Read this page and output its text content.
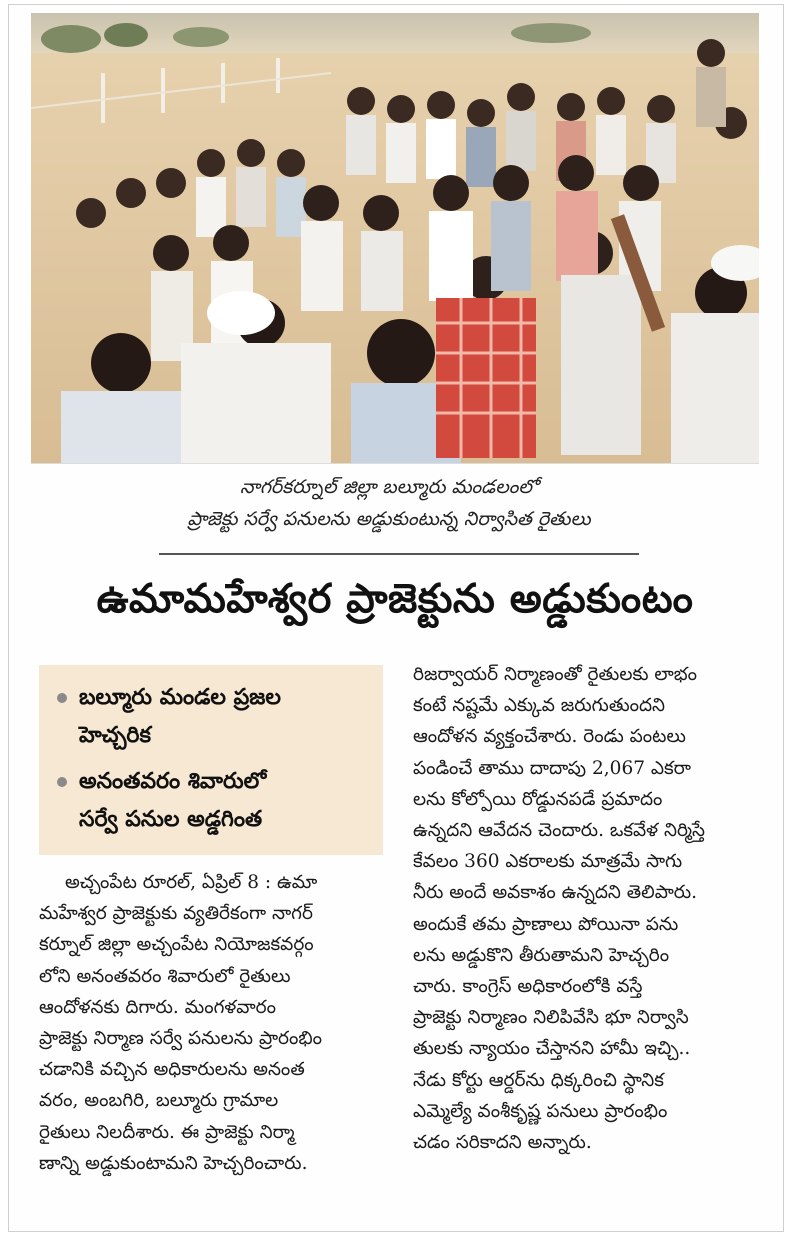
నాగర్‌కర్నూల్ జిల్లా బల్మూరు మండలంలో
ప్రాజెక్టు సర్వే పనులను అడ్డుకుంటున్న నిర్వాసిత రైతులు
ఉమామహేశ్వర ప్రాజెక్టును అడ్డుకుంటం
బల్మూరు మండల ప్రజల
హెచ్చరిక
అనంతవరం శివారులో
సర్వే పనుల అడ్డగింత
అచ్చంపేట రూరల్, ఏప్రిల్ 8 : ఉమా
మహేశ్వర ప్రాజెక్టుకు వ్యతిరేకంగా నాగర్
కర్నూల్ జిల్లా అచ్చంపేట నియోజకవర్గం
లోని అనంతవరం శివారులో రైతులు
ఆందోళనకు దిగారు. మంగళవారం
ప్రాజెక్టు నిర్మాణ సర్వే పనులను ప్రారంభిం
చడానికి వచ్చిన అధికారులను అనంత
వరం, అంబగిరి, బల్మూరు గ్రామాల
రైతులు నిలదీశారు. ఈ ప్రాజెక్టు నిర్మా
ణాన్ని అడ్డుకుంటామని హెచ్చరించారు.
రిజర్వాయర్ నిర్మాణంతో రైతులకు లాభం
కంటే నష్టమే ఎక్కువ జరుగుతుందని
ఆందోళన వ్యక్తంచేశారు. రెండు పంటలు
పండించే తాము దాదాపు 2,067 ఎకరా
లను కోల్పోయి రోడ్డునపడే ప్రమాదం
ఉన్నదని ఆవేదన చెందారు. ఒకవేళ నిర్మిస్తే
కేవలం 360 ఎకరాలకు మాత్రమే సాగు
నీరు అందే అవకాశం ఉన్నదని తెలిపారు.
అందుకే తమ ప్రాణాలు పోయినా పను
లను అడ్డుకొని తీరుతామని హెచ్చరిం
చారు. కాంగ్రెస్ అధికారంలోకి వస్తే
ప్రాజెక్టు నిర్మాణం నిలిపివేసి భూ నిర్వాసి
తులకు న్యాయం చేస్తానని హామీ ఇచ్చి..
నేడు కోర్టు ఆర్డర్‌ను ధిక్కరించి స్థానిక
ఎమ్మెల్యే వంశీకృష్ణ పనులు ప్రారంభిం
చడం సరికాదని అన్నారు.
